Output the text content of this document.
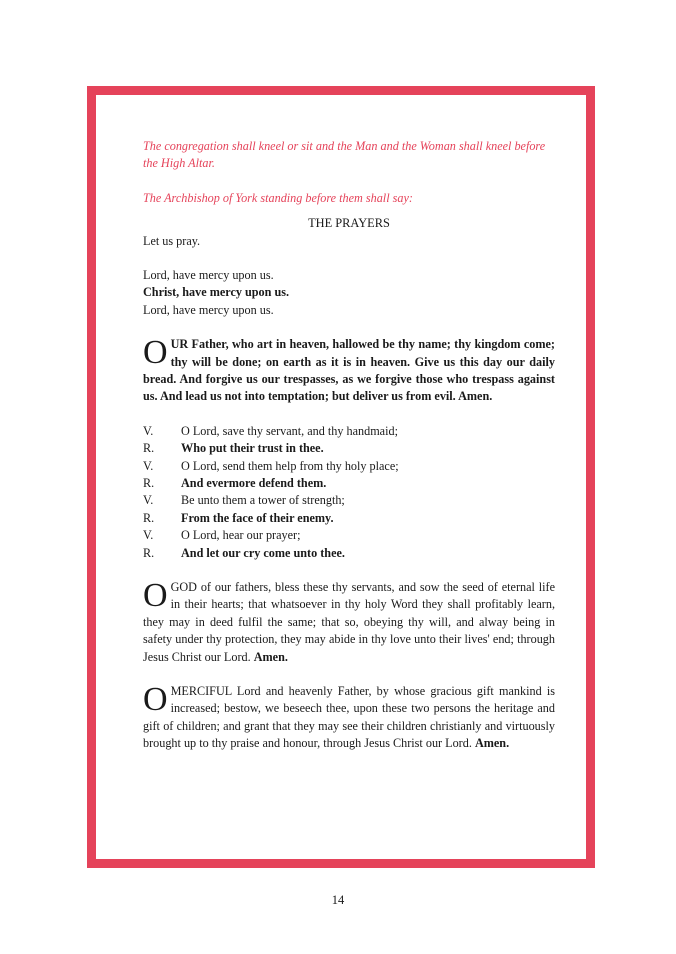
The congregation shall kneel or sit and the Man and the Woman shall kneel before the High Altar.

The Archbishop of York standing before them shall say:

THE PRAYERS

Let us pray.

Lord, have mercy upon us.

Christ, have mercy upon us.

Lord, have mercy upon us.

OUR Father, who art in heaven, hallowed be thy name; thy kingdom come; thy will be done; on earth as it is in heaven. Give us this day our daily bread. And forgive us our trespasses, as we forgive those who trespass against us. And lead us not into temptation; but deliver us from evil. Amen.
V.	O Lord, save thy servant, and thy handmaid;
R.	Who put their trust in thee.
V.	O Lord, send them help from thy holy place;
R.	And evermore defend them.
V.	Be unto them a tower of strength;
R.	From the face of their enemy.
V.	O Lord, hear our prayer;
R.	And let our cry come unto thee.
OGOD of our fathers, bless these thy servants, and sow the seed of eternal life in their hearts; that whatsoever in thy holy Word they shall profitably learn, they may in deed fulfil the same; that so, obeying thy will, and alway being in safety under thy protection, they may abide in thy love unto their lives' end; through Jesus Christ our Lord. Amen.
OMERCIFUL Lord and heavenly Father, by whose gracious gift mankind is increased; bestow, we beseech thee, upon these two persons the heritage and gift of children; and grant that they may see their children christianly and virtuously brought up to thy praise and honour, through Jesus Christ our Lord. Amen.
14
